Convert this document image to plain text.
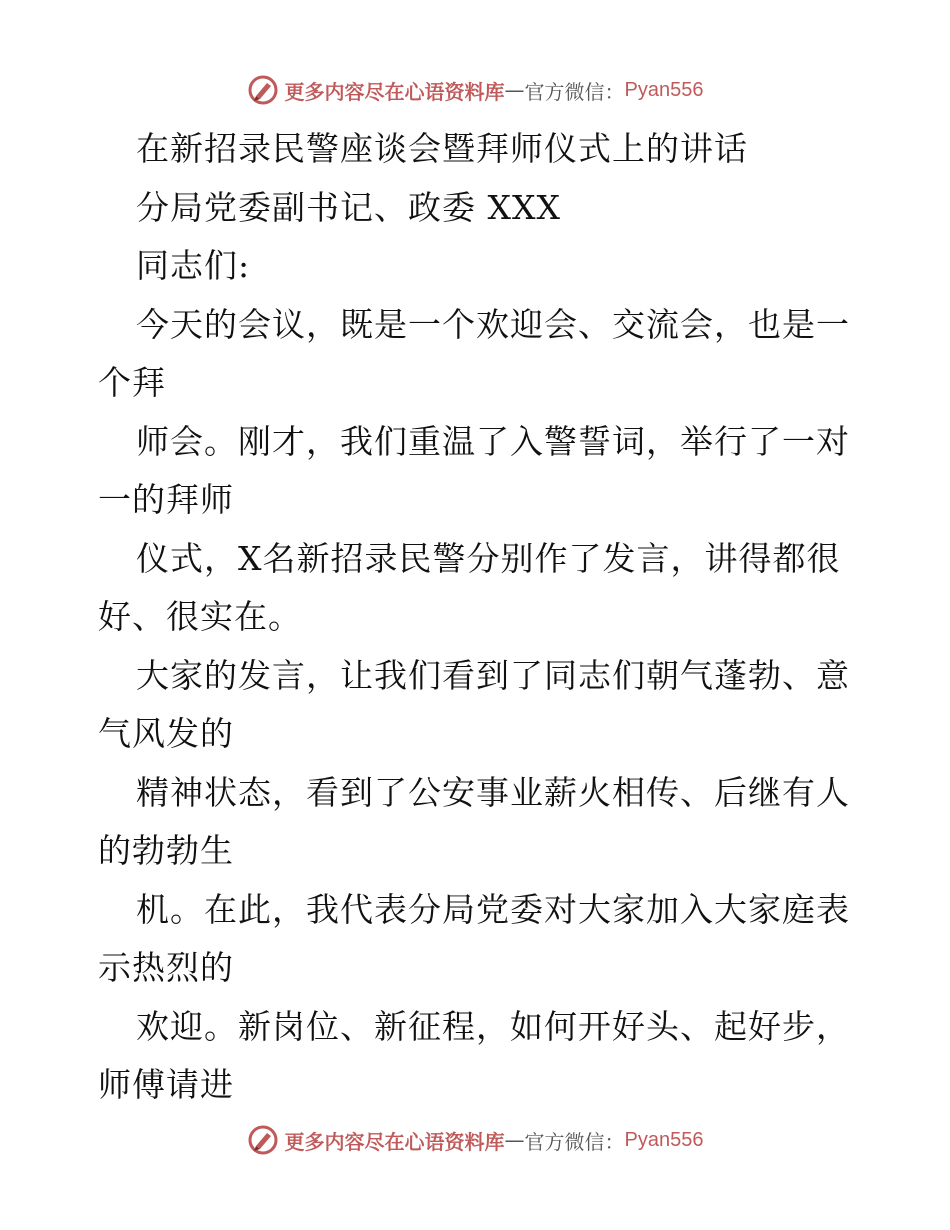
更多内容尽在心语资料库 — 官方微信： Pyan556
在新招录民警座谈会暨拜师仪式上的讲话
分局党委副书记、政委 XXX
同志们:
今天的会议，既是一个欢迎会、交流会，也是一
个拜
师会。刚才，我们重温了入警誓词，举行了一对
一的拜师
仪式，X名新招录民警分别作了发言，讲得都很
好、很实在。
大家的发言，让我们看到了同志们朝气蓬勃、意
气风发的
精神状态，看到了公安事业薪火相传、后继有人
的勃勃生
机。在此，我代表分局党委对大家加入大家庭表
示热烈的
欢迎。新岗位、新征程，如何开好头、起好步，
师傅请进
更多内容尽在心语资料库 — 官方微信： Pyan556
